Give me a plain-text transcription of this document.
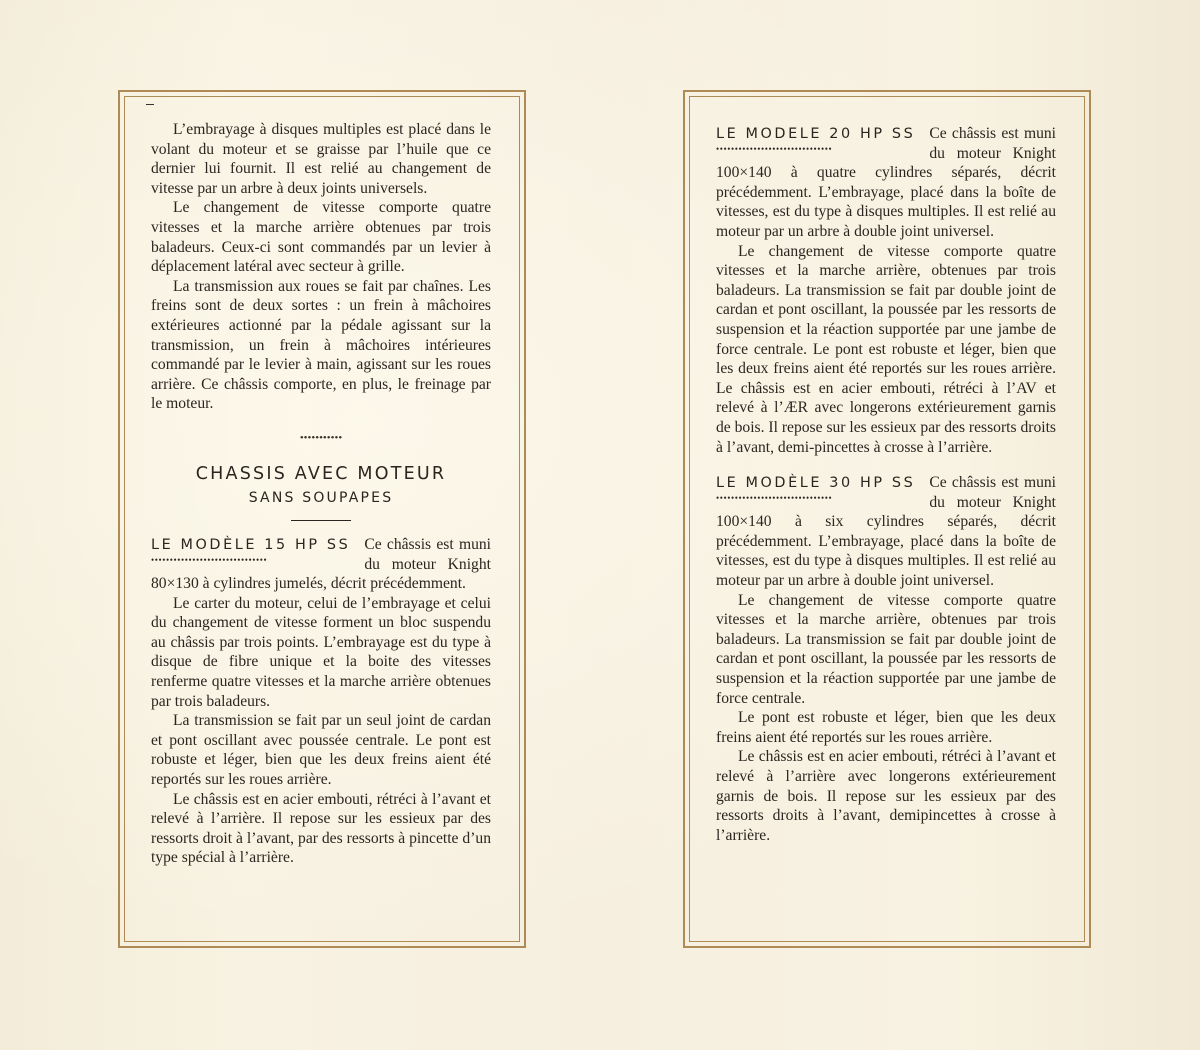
L’embrayage à disques multiples est placé dans le volant du moteur et se graisse par l’huile que ce dernier lui fournit. Il est relié au changement de vitesse par un arbre à deux joints universels.

Le changement de vitesse comporte quatre vitesses et la marche arrière obtenues par trois baladeurs. Ceux-ci sont commandés par un levier à déplacement latéral avec secteur à grille.

La transmission aux roues se fait par chaînes. Les freins sont de deux sortes : un frein à mâchoires extérieures actionné par la pédale agissant sur la transmission, un frein à mâchoires intérieures commandé par le levier à main, agissant sur les roues arrière. Ce châssis comporte, en plus, le freinage par le moteur.

•••••••••••
CHASSIS AVEC MOTEUR
SANS SOUPAPES
LE MODÈLE 15 HP SS
•••••••••••••••••••••••••••••••

Ce châssis est muni du moteur Knight 80×130 à cylindres jumelés, décrit précédemment.

Le carter du moteur, celui de l’embrayage et celui du changement de vitesse forment un bloc suspendu au châssis par trois points. L’embrayage est du type à disque de fibre unique et la boite des vitesses renferme quatre vitesses et la marche arrière obtenues par trois baladeurs.

La transmission se fait par un seul joint de cardan et pont oscillant avec poussée centrale. Le pont est robuste et léger, bien que les deux freins aient été reportés sur les roues arrière.

Le châssis est en acier embouti, rétréci à l’avant et relevé à l’arrière. Il repose sur les essieux par des ressorts droit à l’avant, par des ressorts à pincette d’un type spécial à l’arrière.

LE MODELE 20 HP SS
•••••••••••••••••••••••••••••••

Ce châssis est muni du moteur Knight 100×140 à quatre cylindres séparés, décrit précédemment. L’embrayage, placé dans la boîte de vitesses, est du type à disques multiples. Il est relié au moteur par un arbre à double joint universel.

Le changement de vitesse comporte quatre vitesses et la marche arrière, obtenues par trois baladeurs. La transmission se fait par double joint de cardan et pont oscillant, la poussée par les ressorts de suspension et la réaction supportée par une jambe de force centrale. Le pont est robuste et léger, bien que les deux freins aient été reportés sur les roues arrière. Le châssis est en acier embouti, rétréci à l’AV et relevé à l’ÆR avec longerons extérieurement garnis de bois. Il repose sur les essieux par des ressorts droits à l’avant, demi-pincettes à crosse à l’arrière.

LE MODÈLE 30 HP SS
•••••••••••••••••••••••••••••••

Ce châssis est muni du moteur Knight 100×140 à six cylindres séparés, décrit précédemment. L’embrayage, placé dans la boîte de vitesses, est du type à disques multiples. Il est relié au moteur par un arbre à double joint universel.

Le changement de vitesse comporte quatre vitesses et la marche arrière, obtenues par trois baladeurs. La transmission se fait par double joint de cardan et pont oscillant, la poussée par les ressorts de suspension et la réaction supportée par une jambe de force centrale.

Le pont est robuste et léger, bien que les deux freins aient été reportés sur les roues arrière.

Le châssis est en acier embouti, rétréci à l’avant et relevé à l’arrière avec longerons extérieurement garnis de bois. Il repose sur les essieux par des ressorts droits à l’avant, demipincettes à crosse à l’arrière.
